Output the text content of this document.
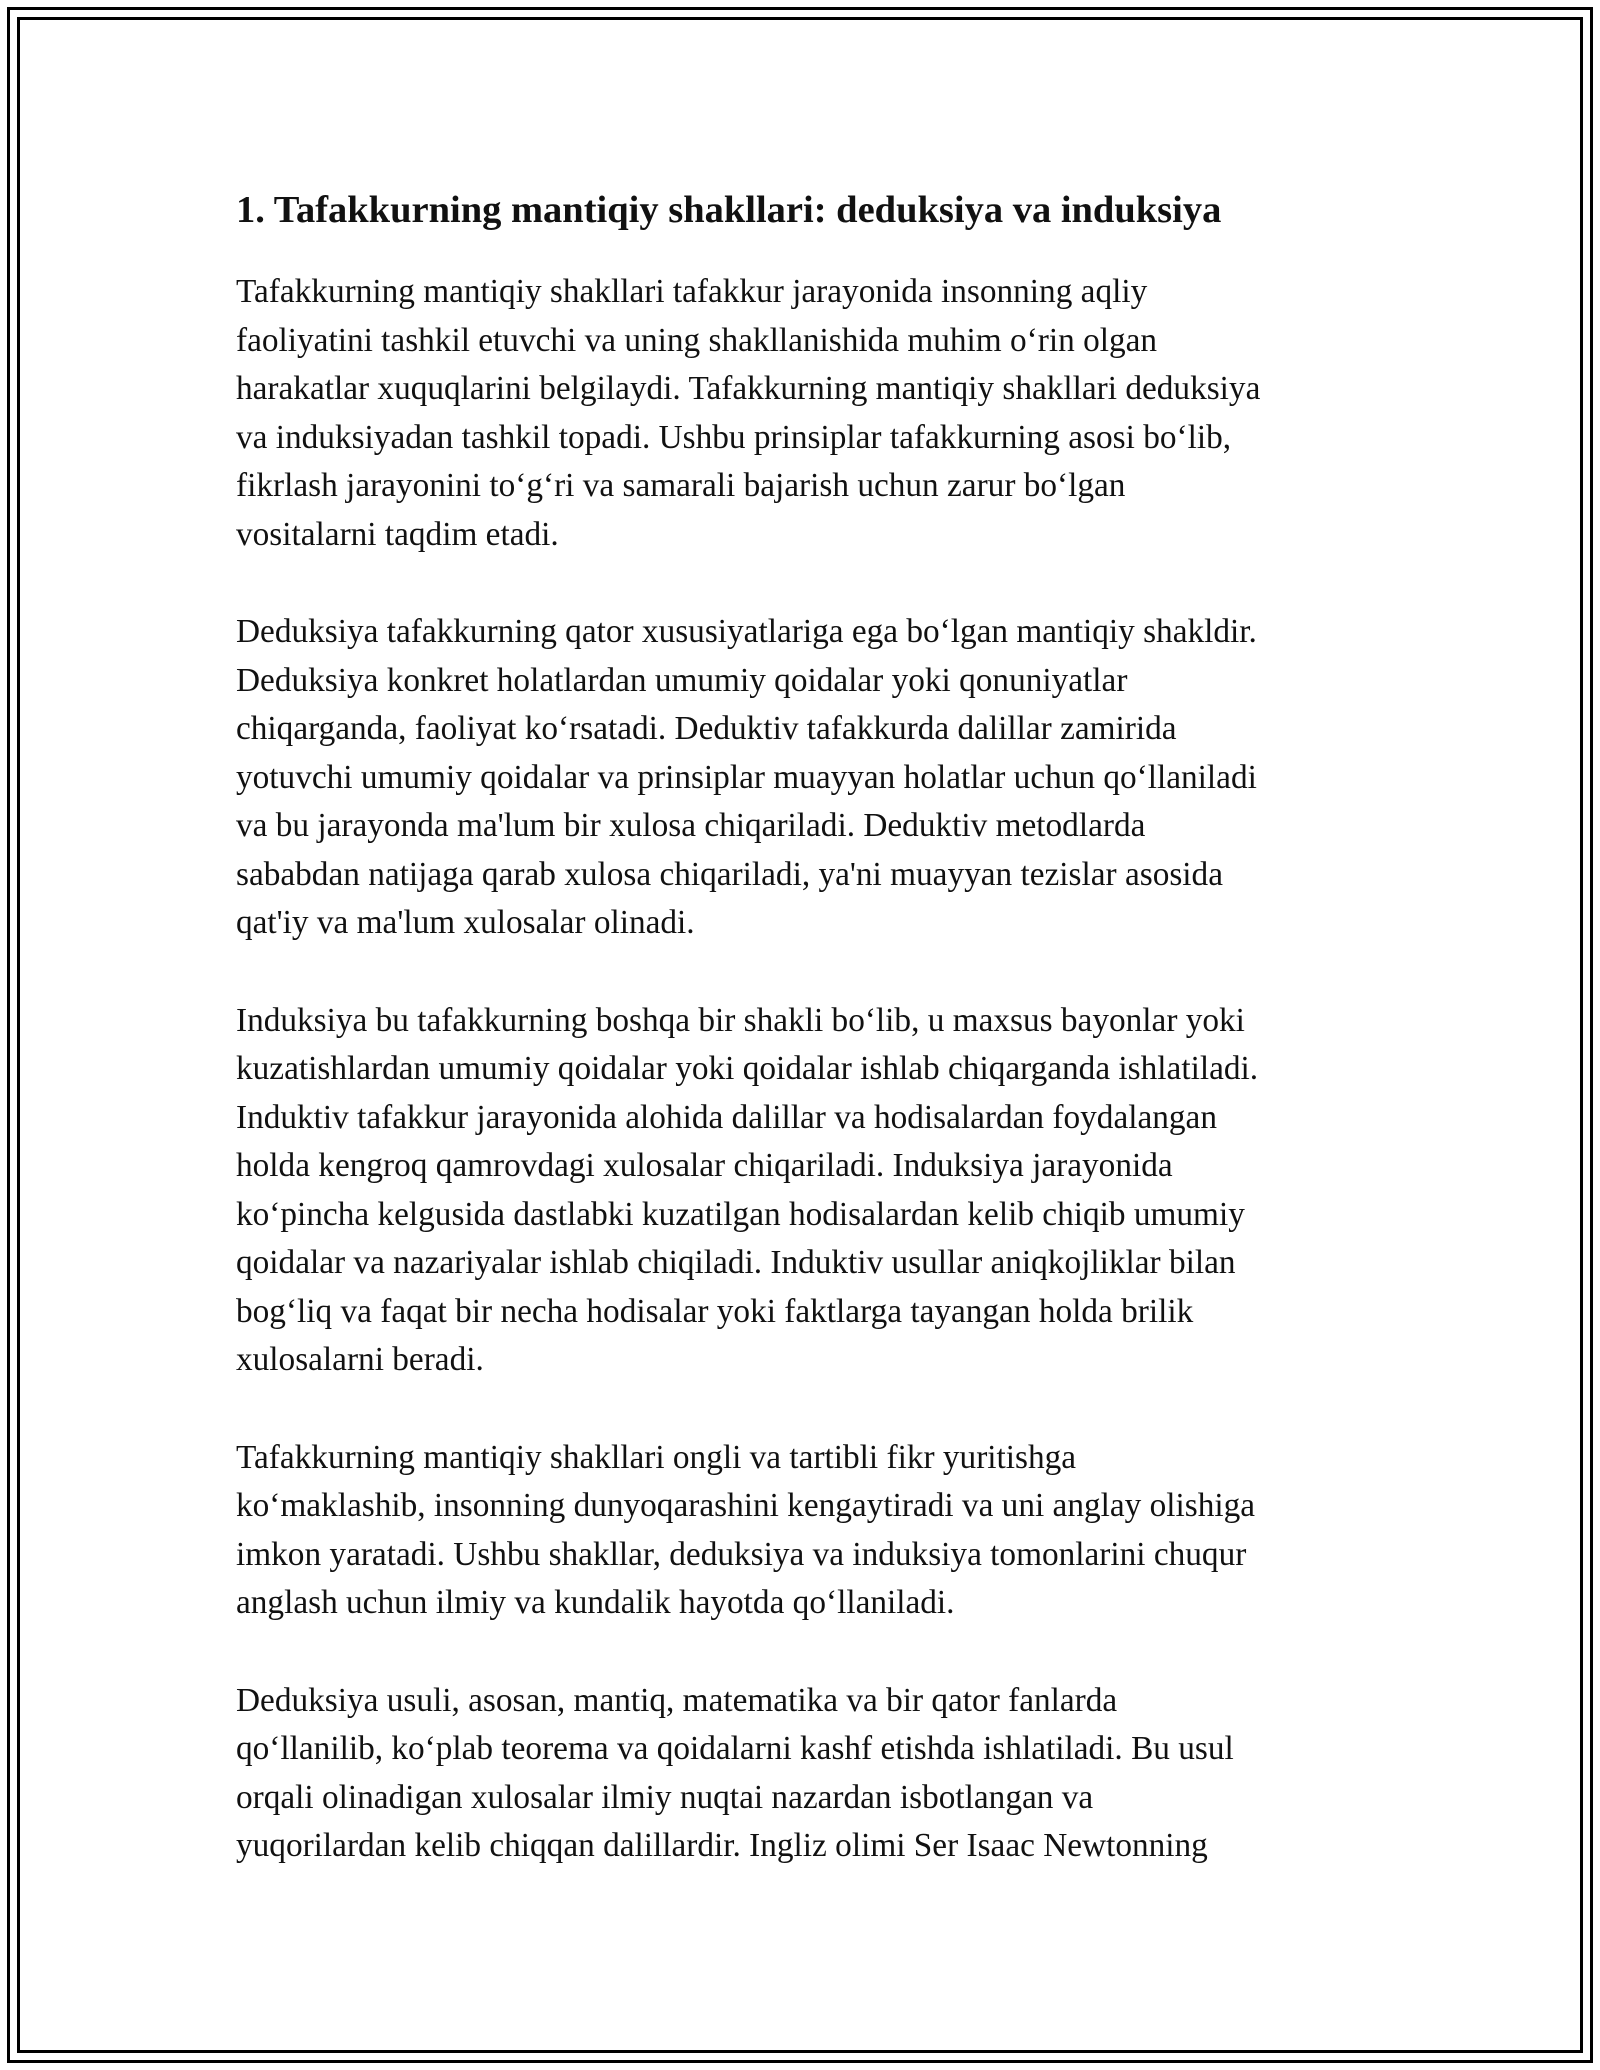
1. Tafakkurning mantiqiy shakllari: deduksiya va induksiya

Tafakkurning mantiqiy shakllari tafakkur jarayonida insonning aqliy
faoliyatini tashkil etuvchi va uning shakllanishida muhim o‘rin olgan
harakatlar xuquqlarini belgilaydi. Tafakkurning mantiqiy shakllari deduksiya
va induksiyadan tashkil topadi. Ushbu prinsiplar tafakkurning asosi bo‘lib,
fikrlash jarayonini to‘g‘ri va samarali bajarish uchun zarur bo‘lgan
vositalarni taqdim etadi.

Deduksiya tafakkurning qator xususiyatlariga ega bo‘lgan mantiqiy shakldir.
Deduksiya konkret holatlardan umumiy qoidalar yoki qonuniyatlar
chiqarganda, faoliyat ko‘rsatadi. Deduktiv tafakkurda dalillar zamirida
yotuvchi umumiy qoidalar va prinsiplar muayyan holatlar uchun qo‘llaniladi
va bu jarayonda ma'lum bir xulosa chiqariladi. Deduktiv metodlarda
sababdan natijaga qarab xulosa chiqariladi, ya'ni muayyan tezislar asosida
qat'iy va ma'lum xulosalar olinadi.

Induksiya bu tafakkurning boshqa bir shakli bo‘lib, u maxsus bayonlar yoki
kuzatishlardan umumiy qoidalar yoki qoidalar ishlab chiqarganda ishlatiladi.
Induktiv tafakkur jarayonida alohida dalillar va hodisalardan foydalangan
holda kengroq qamrovdagi xulosalar chiqariladi. Induksiya jarayonida
ko‘pincha kelgusida dastlabki kuzatilgan hodisalardan kelib chiqib umumiy
qoidalar va nazariyalar ishlab chiqiladi. Induktiv usullar aniqkojliklar bilan
bog‘liq va faqat bir necha hodisalar yoki faktlarga tayangan holda brilik
xulosalarni beradi.

Tafakkurning mantiqiy shakllari ongli va tartibli fikr yuritishga
ko‘maklashib, insonning dunyoqarashini kengaytiradi va uni anglay olishiga
imkon yaratadi. Ushbu shakllar, deduksiya va induksiya tomonlarini chuqur
anglash uchun ilmiy va kundalik hayotda qo‘llaniladi.

Deduksiya usuli, asosan, mantiq, matematika va bir qator fanlarda
qo‘llanilib, ko‘plab teorema va qoidalarni kashf etishda ishlatiladi. Bu usul
orqali olinadigan xulosalar ilmiy nuqtai nazardan isbotlangan va
yuqorilardan kelib chiqqan dalillardir. Ingliz olimi Ser Isaac Newtonning
